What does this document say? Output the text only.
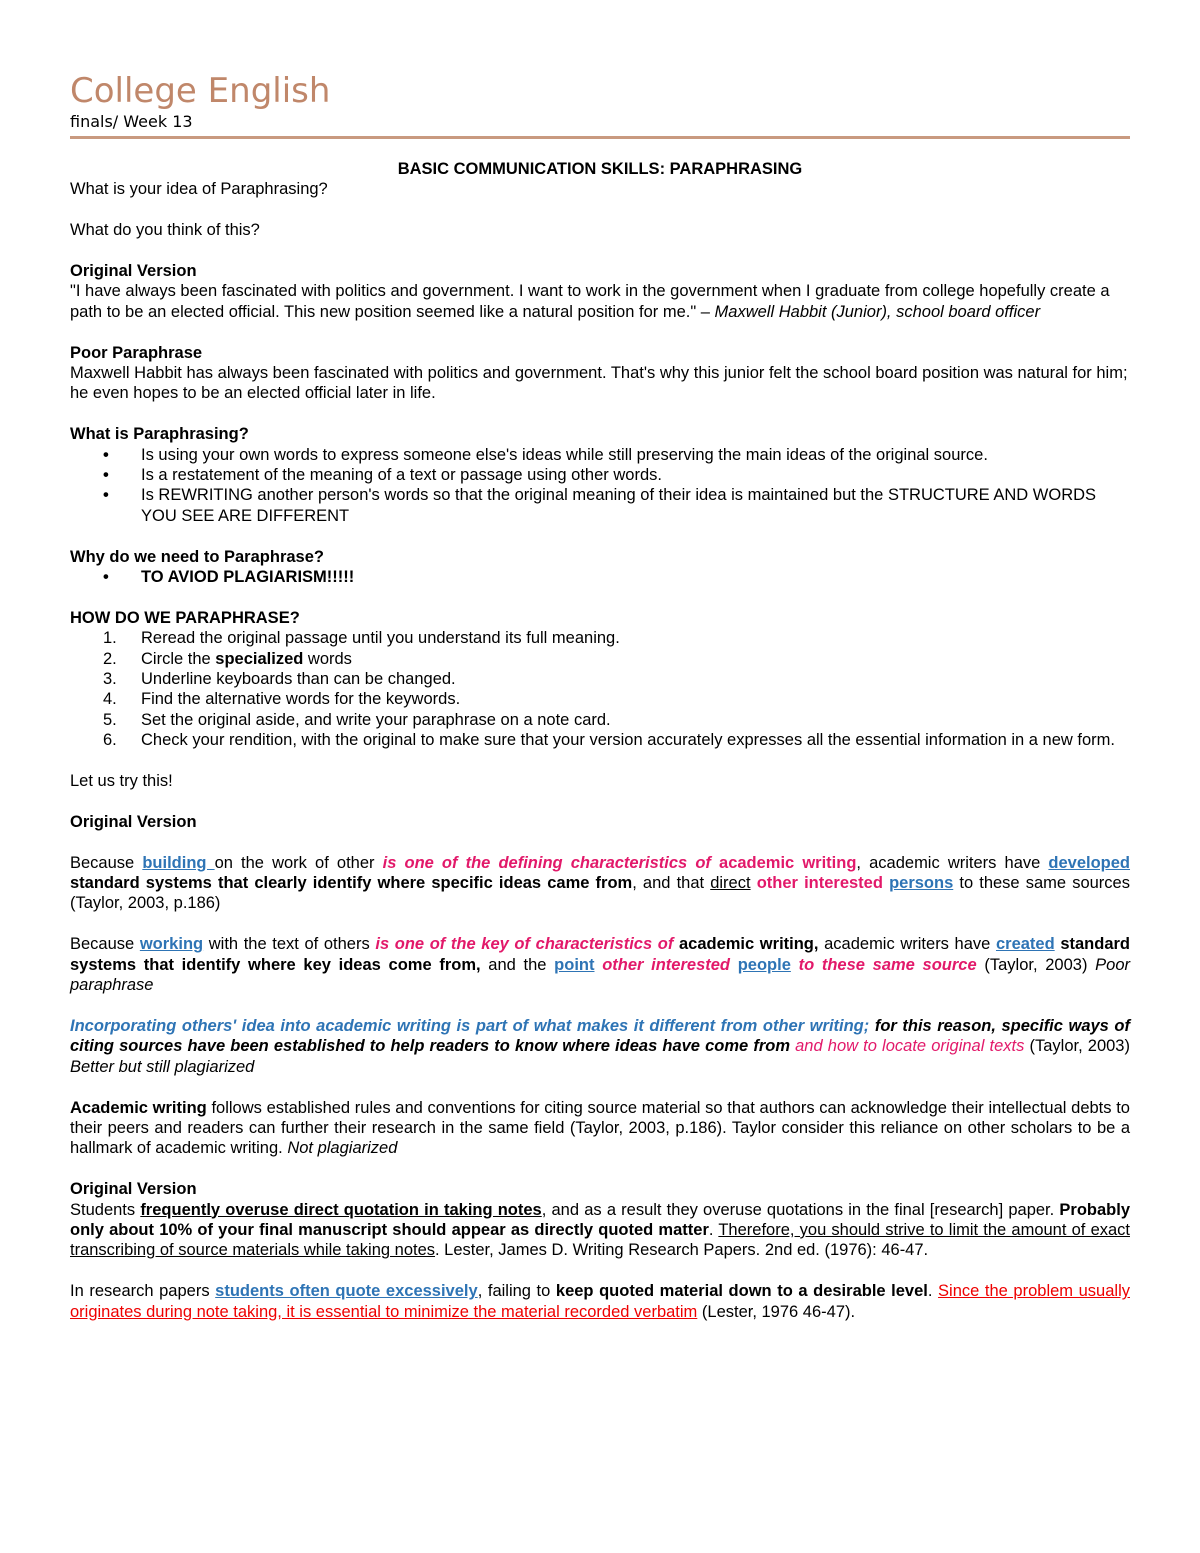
College English
finals/ Week 13

BASIC COMMUNICATION SKILLS: PARAPHRASING

What is your idea of Paraphrasing?

What do you think of this?

Original Version

"I have always been fascinated with politics and government. I want to work in the government when I graduate from college hopefully create a path to be an elected official. This new position seemed like a natural position for me." – Maxwell Habbit (Junior), school board officer

Poor Paraphrase

Maxwell Habbit has always been fascinated with politics and government. That's why this junior felt the school board position was natural for him; he even hopes to be an elected official later in life.

What is Paraphrasing?

• Is using your own words to express someone else's ideas while still preserving the main ideas of the original source.
• Is a restatement of the meaning of a text or passage using other words.
• Is REWRITING another person's words so that the original meaning of their idea is maintained but the STRUCTURE AND WORDS YOU SEE ARE DIFFERENT

Why do we need to Paraphrase?

• TO AVIOD PLAGIARISM!!!!!

HOW DO WE PARAPHRASE?

1. Reread the original passage until you understand its full meaning.
2. Circle the specialized words
3. Underline keyboards than can be changed.
4. Find the alternative words for the keywords.
5. Set the original aside, and write your paraphrase on a note card.
6. Check your rendition, with the original to make sure that your version accurately expresses all the essential information in a new form.

Let us try this!

Original Version

Because building on the work of other is one of the defining characteristics of academic writing, academic writers have developed standard systems that clearly identify where specific ideas came from, and that direct other interested persons to these same sources (Taylor, 2003, p.186)

Because working with the text of others is one of the key of characteristics of academic writing, academic writers have created standard systems that identify where key ideas come from, and the point other interested people to these same source (Taylor, 2003) Poor paraphrase

Incorporating others' idea into academic writing is part of what makes it different from other writing; for this reason, specific ways of citing sources have been established to help readers to know where ideas have come from and how to locate original texts (Taylor, 2003) Better but still plagiarized

Academic writing follows established rules and conventions for citing source material so that authors can acknowledge their intellectual debts to their peers and readers can further their research in the same field (Taylor, 2003, p.186). Taylor consider this reliance on other scholars to be a hallmark of academic writing. Not plagiarized

Original Version

Students frequently overuse direct quotation in taking notes, and as a result they overuse quotations in the final [research] paper. Probably only about 10% of your final manuscript should appear as directly quoted matter. Therefore, you should strive to limit the amount of exact transcribing of source materials while taking notes. Lester, James D. Writing Research Papers. 2nd ed. (1976): 46-47.

In research papers students often quote excessively, failing to keep quoted material down to a desirable level. Since the problem usually originates during note taking, it is essential to minimize the material recorded verbatim (Lester, 1976 46-47).
